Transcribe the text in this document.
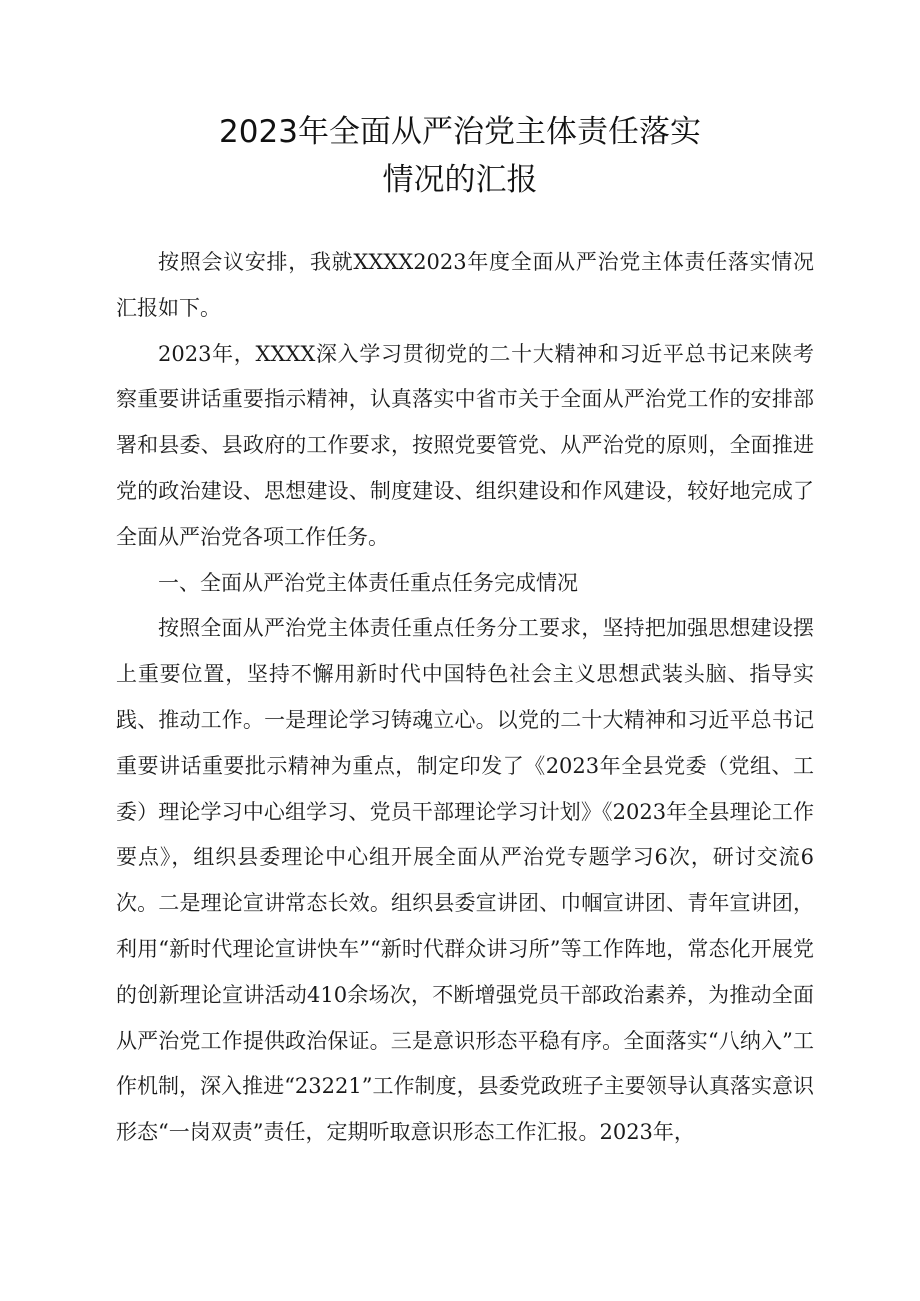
2023年全面从严治党主体责任落实
情况的汇报

按照会议安排，我就XXXX2023年度全面从严治党主体责任落实情况汇报如下。

2023年，XXXX深入学习贯彻党的二十大精神和习近平总书记来陕考察重要讲话重要指示精神，认真落实中省市关于全面从严治党工作的安排部署和县委、县政府的工作要求，按照党要管党、从严治党的原则，全面推进党的政治建设、思想建设、制度建设、组织建设和作风建设，较好地完成了全面从严治党各项工作任务。

一、全面从严治党主体责任重点任务完成情况

按照全面从严治党主体责任重点任务分工要求，坚持把加强思想建设摆上重要位置，坚持不懈用新时代中国特色社会主义思想武装头脑、指导实践、推动工作。一是理论学习铸魂立心。以党的二十大精神和习近平总书记重要讲话重要批示精神为重点，制定印发了《2023年全县党委（党组、工委）理论学习中心组学习、党员干部理论学习计划》《2023年全县理论工作要点》，组织县委理论中心组开展全面从严治党专题学习6次，研讨交流6次。二是理论宣讲常态长效。组织县委宣讲团、巾帼宣讲团、青年宣讲团，利用“新时代理论宣讲快车”“新时代群众讲习所”等工作阵地，常态化开展党的创新理论宣讲活动410余场次，不断增强党员干部政治素养，为推动全面从严治党工作提供政治保证。三是意识形态平稳有序。全面落实“八纳入”工作机制，深入推进“23221”工作制度，县委党政班子主要领导认真落实意识形态“一岗双责”责任，定期听取意识形态工作汇报。2023年，
